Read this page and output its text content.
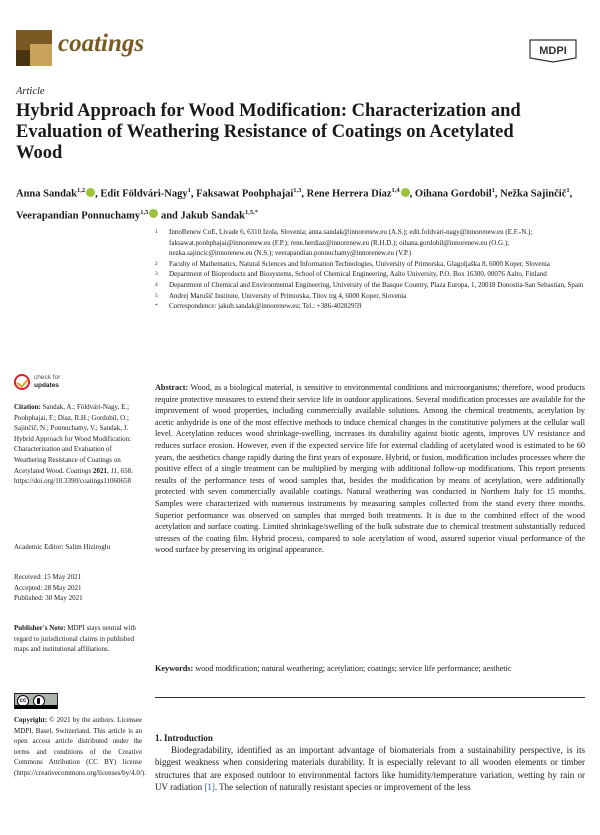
coatings	MDPI
Article
Hybrid Approach for Wood Modification: Characterization and Evaluation of Weathering Resistance of Coatings on Acetylated Wood
Anna Sandak$^{1,2}$ , Edit Földvári-Nagy$^1$, Faksawat Poohphajai$^{1,3}$, Rene Herrera Diaz$^{1,4}$ , Oihana Gordobil$^1$, Nežka Sajinčič$^1$, Veerapandian Ponnuchamy$^{1,5}$ and Jakub Sandak$^{1,5,*}$
1 InnoRenew CoE, Livade 6, 6310 Izola, Slovenia; anna.sandak@innorenew.eu (A.S.); edit.foldvari-nagy@innorenew.eu (E.F.-N.); faksawat.poohphajai@innorenew.eu (F.P.); rene.herdiaz@innorenew.eu (R.H.D.); oihana.gordobil@innorenew.eu (O.G.); nezka.sajincic@innorenew.eu (N.S.); veerapandian.ponnuchamy@innorenew.eu (V.P.)
2 Faculty of Mathematics, Natural Sciences and Information Technologies, University of Primorska, Glagoljaška 8, 6000 Koper, Slovenia
3 Department of Bioproducts and Biosystems, School of Chemical Engineering, Aalto University, P.O. Box 16300, 00076 Aalto, Finland
4 Department of Chemical and Environmental Engineering, University of the Basque Country, Plaza Europa, 1, 20018 Donostia-San Sebastian, Spain
5 Andrej Marušič Institute, University of Primorska, Titov trg 4, 6000 Koper, Slovenia
* Correspondence: jakub.sandak@innorenew.eu; Tel.: +386-40282959
check for
updates
Citation: Sandak, A.; Földvári-Nagy, E.; Poohphajai, F.; Diaz, R.H.; Gordobil, O.; Sajinčič, N.; Ponnuchamy, V.; Sandak, J. Hybrid Approach for Wood Modification: Characterization and Evaluation of Weathering Resistance of Coatings on Acetylated Wood. Coatings 2021, 11, 658. https://doi.org/10.3390/coatings11060658
Academic Editor: Salim Hiziroglu
Received: 15 May 2021
Accepted: 28 May 2021
Published: 30 May 2021
Publisher's Note: MDPI stays neutral with regard to jurisdictional claims in published maps and institutional affiliations.
cc
Copyright: © 2021 by the authors. Licensee MDPI, Basel, Switzerland. This article is an open access article distributed under the terms and conditions of the Creative Commons Attribution (CC BY) license (https://creativecommons.org/licenses/by/4.0/).
Abstract: Wood, as a biological material, is sensitive to environmental conditions and microorganisms; therefore, wood products require protective measures to extend their service life in outdoor applications. Several modification processes are available for the improvement of wood properties, including commercially available solutions. Among the chemical treatments, acetylation by acetic anhydride is one of the most effective methods to induce chemical changes in the constitutive polymers at the cellular wall level. Acetylation reduces wood shrinkage-swelling, increases its durability against biotic agents, improves UV resistance and reduces surface erosion. However, even if the expected service life for external cladding of acetylated wood is estimated to be 60 years, the aesthetics change rapidly during the first years of exposure. Hybrid, or fusion, modification includes processes where the positive effect of a single treatment can be multiplied by merging with additional follow-up modifications. This report presents results of the performance tests of wood samples that, besides the modification by means of acetylation, were additionally protected with seven commercially available coatings. Natural weathering was conducted in Northern Italy for 15 months. Samples were characterized with numerous instruments by measuring samples collected from the stand every three months. Superior performance was observed on samples that merged both treatments. It is due to the combined effect of the wood acetylation and surface coating. Limited shrinkage/swelling of the bulk substrate due to chemical treatment substantially reduced stresses of the coating film. Hybrid process, compared to sole acetylation of wood, assured superior visual performance of the wood surface by preserving its original appearance.
Keywords: wood modification; natural weathering; acetylation; coatings; service life performance; aesthetic
1. Introduction
Biodegradability, identified as an important advantage of biomaterials from a sustainability perspective, is its biggest weakness when considering materials durability. It is especially relevant to all wooden elements or timber structures that are exposed outdoor to environmental factors like humidity/temperature variation, wetting by rain or UV radiation [1]. The selection of naturally resistant species or improvement of the less
